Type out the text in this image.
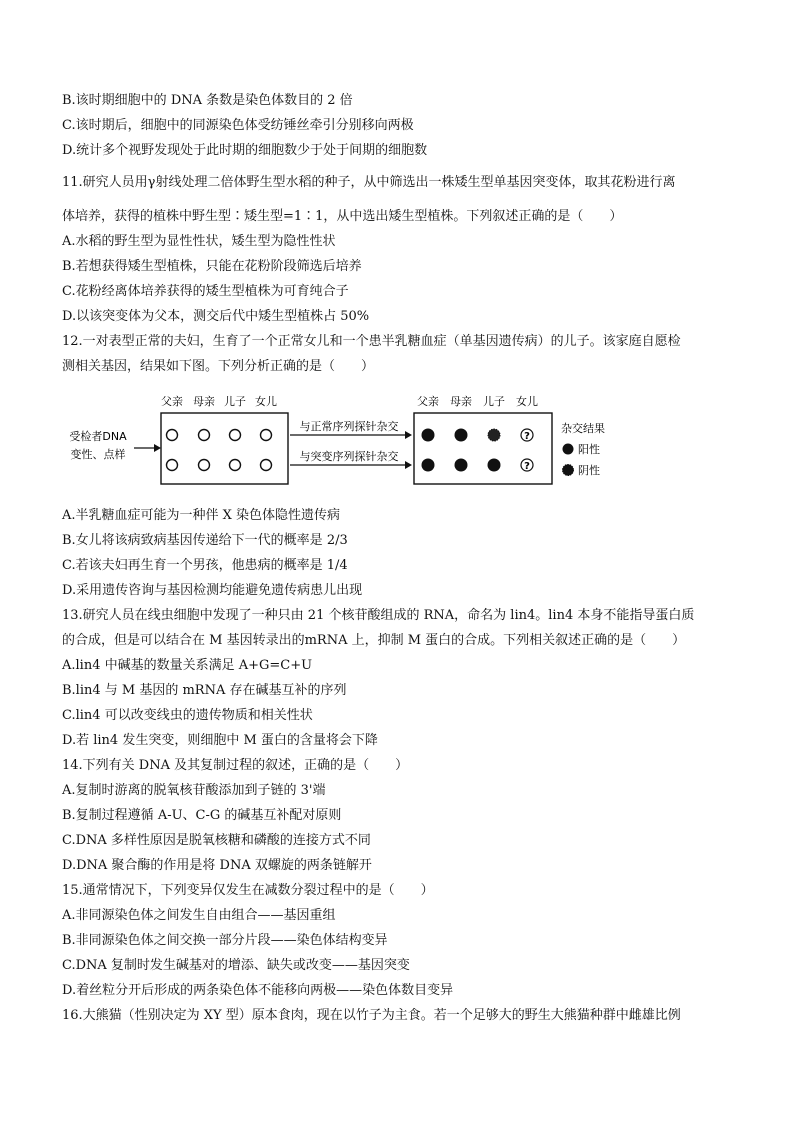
B.该时期细胞中的 DNA 条数是染色体数目的 2 倍
C.该时期后，细胞中的同源染色体受纺锤丝牵引分别移向两极
D.统计多个视野发现处于此时期的细胞数少于处于间期的细胞数
11.研究人员用γ射线处理二倍体野生型水稻的种子，从中筛选出一株矮生型单基因突变体，取其花粉进行离
体培养，获得的植株中野生型∶矮生型=1∶1，从中选出矮生型植株。下列叙述正确的是（　　）
A.水稻的野生型为显性性状，矮生型为隐性性状
B.若想获得矮生型植株，只能在花粉阶段筛选后培养
C.花粉经离体培养获得的矮生型植株为可育纯合子
D.以该突变体为父本，测交后代中矮生型植株占 50%
12.一对表型正常的夫妇，生育了一个正常女儿和一个患半乳糖血症（单基因遗传病）的儿子。该家庭自愿检
测相关基因，结果如下图。下列分析正确的是（　　）
受检者DNA
变性、点样
父亲 母亲 儿子 女儿
与正常序列探针杂交
与突变序列探针杂交
父亲 母亲 儿子 女儿
?
?
杂交结果
阳性
阴性
A.半乳糖血症可能为一种伴 X 染色体隐性遗传病
B.女儿将该病致病基因传递给下一代的概率是 2/3
C.若该夫妇再生育一个男孩，他患病的概率是 1/4
D.采用遗传咨询与基因检测均能避免遗传病患儿出现
13.研究人员在线虫细胞中发现了一种只由 21 个核苷酸组成的 RNA，命名为 lin4。lin4 本身不能指导蛋白质
的合成，但是可以结合在 M 基因转录出的mRNA 上，抑制 M 蛋白的合成。下列相关叙述正确的是（　　）
A.lin4 中碱基的数量关系满足 A+G=C+U
B.lin4 与 M 基因的 mRNA 存在碱基互补的序列
C.lin4 可以改变线虫的遗传物质和相关性状
D.若 lin4 发生突变，则细胞中 M 蛋白的含量将会下降
14.下列有关 DNA 及其复制过程的叙述，正确的是（　　）
A.复制时游离的脱氧核苷酸添加到子链的 3'端
B.复制过程遵循 A-U、C-G 的碱基互补配对原则
C.DNA 多样性原因是脱氧核糖和磷酸的连接方式不同
D.DNA 聚合酶的作用是将 DNA 双螺旋的两条链解开
15.通常情况下，下列变异仅发生在减数分裂过程中的是（　　）
A.非同源染色体之间发生自由组合——基因重组
B.非同源染色体之间交换一部分片段——染色体结构变异
C.DNA 复制时发生碱基对的增添、缺失或改变——基因突变
D.着丝粒分开后形成的两条染色体不能移向两极——染色体数目变异
16.大熊猫（性别决定为 XY 型）原本食肉，现在以竹子为主食。若一个足够大的野生大熊猫种群中雌雄比例
